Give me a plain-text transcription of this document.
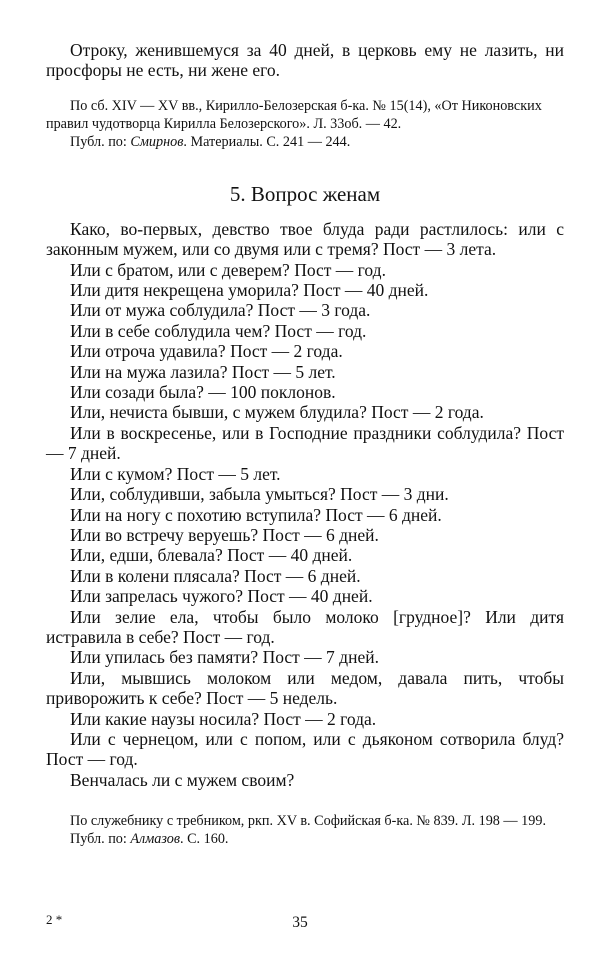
Отроку, женившемуся за 40 дней, в церковь ему не лазить, ни просфоры не есть, ни жене его.

По сб. XIV — XV вв., Кирилло-Белозерская б-ка. № 15(14), «От Никоновских правил чудотворца Кирилла Белозерского». Л. 33об. — 42.

Публ. по: Смирнов. Материалы. С. 241 — 244.

5. Вопрос женам

Како, во-первых, девство твое блуда ради растлилось: или с законным мужем, или со двумя или с тремя? Пост — 3 лета.

Или с братом, или с деверем? Пост — год.

Или дитя некрещена уморила? Пост — 40 дней.

Или от мужа соблудила? Пост — 3 года.

Или в себе соблудила чем? Пост — год.

Или отроча удавила? Пост — 2 года.

Или на мужа лазила? Пост — 5 лет.

Или созади была? — 100 поклонов.

Или, нечиста бывши, с мужем блудила? Пост — 2 года.

Или в воскресенье, или в Господние праздники соблудила? Пост — 7 дней.

Или с кумом? Пост — 5 лет.

Или, соблудивши, забыла умыться? Пост — 3 дни.

Или на ногу с похотию вступила? Пост — 6 дней.

Или во встречу веруешь? Пост — 6 дней.

Или, едши, блевала? Пост — 40 дней.

Или в колени плясала? Пост — 6 дней.

Или запрелась чужого? Пост — 40 дней.

Или зелие ела, чтобы было молоко [грудное]? Или дитя истравила в себе? Пост — год.

Или упилась без памяти? Пост — 7 дней.

Или, мывшись молоком или медом, давала пить, чтобы приворожить к себе? Пост — 5 недель.

Или какие наузы носила? Пост — 2 года.

Или с чернецом, или с попом, или с дьяконом сотворила блуд? Пост — год.

Венчалась ли с мужем своим?

По служебнику с требником, ркп. XV в. Софийская б-ка. № 839. Л. 198 — 199.

Публ. по: Алмазов. С. 160.

2 *	35
